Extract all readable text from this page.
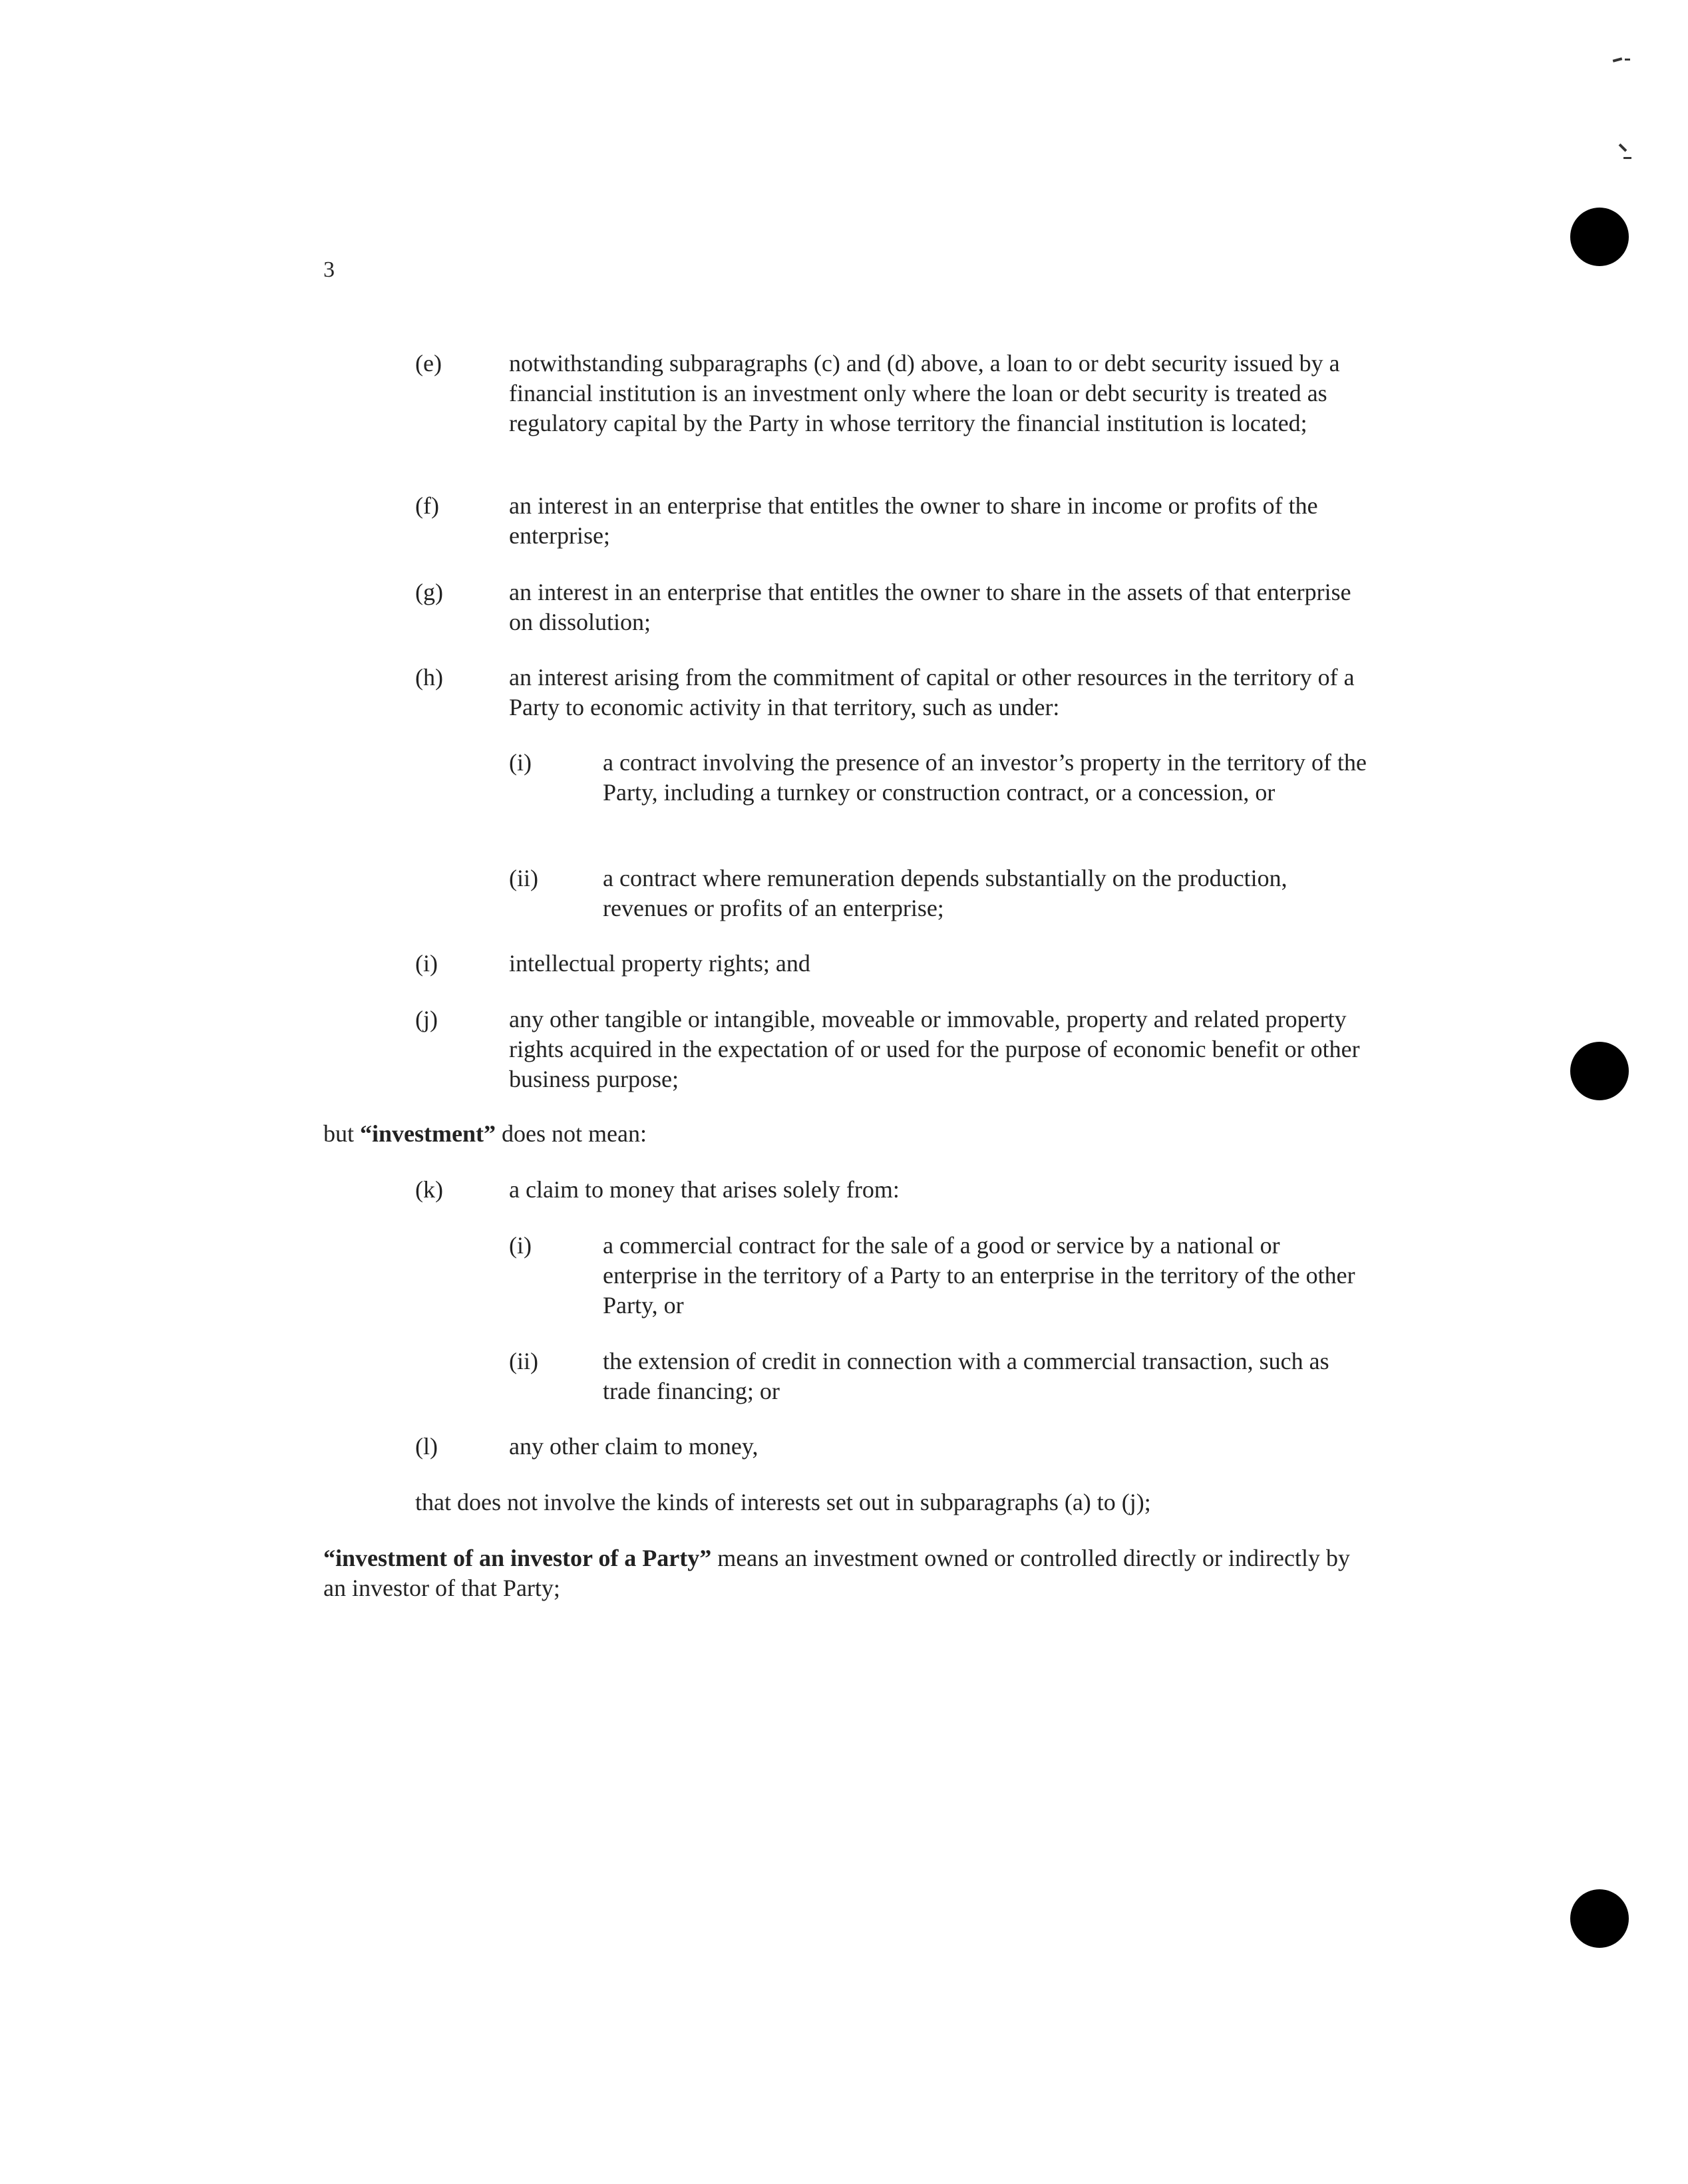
3
(e)	notwithstanding subparagraphs (c) and (d) above, a loan to or debt security issued by a financial institution is an investment only where the loan or debt security is treated as regulatory capital by the Party in whose territory the financial institution is located;
(f)	an interest in an enterprise that entitles the owner to share in income or profits of the enterprise;
(g)	an interest in an enterprise that entitles the owner to share in the assets of that enterprise on dissolution;
(h)	an interest arising from the commitment of capital or other resources in the territory of a Party to economic activity in that territory, such as under:
(i)	a contract involving the presence of an investor’s property in the territory of the Party, including a turnkey or construction contract, or a concession, or
(ii)	a contract where remuneration depends substantially on the production, revenues or profits of an enterprise;
(i)	intellectual property rights; and
(j)	any other tangible or intangible, moveable or immovable, property and related property rights acquired in the expectation of or used for the purpose of economic benefit or other business purpose;
but “investment” does not mean:
(k)	a claim to money that arises solely from:
(i)	a commercial contract for the sale of a good or service by a national or enterprise in the territory of a Party to an enterprise in the territory of the other Party, or
(ii)	the extension of credit in connection with a commercial transaction, such as trade financing; or
(l)	any other claim to money,
that does not involve the kinds of interests set out in subparagraphs (a) to (j);
“investment of an investor of a Party” means an investment owned or controlled directly or indirectly by an investor of that Party;
